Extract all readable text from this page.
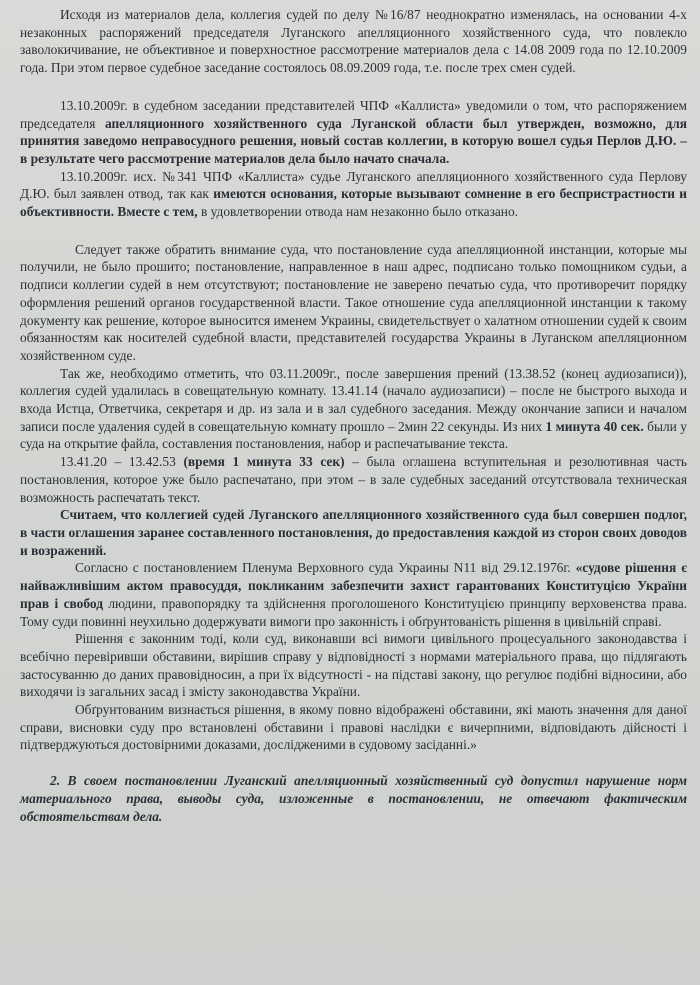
Исходя из материалов дела, коллегия судей по делу №16/87 неоднократно изменялась, на основании 4-х незаконных распоряжений председателя Луганского апелляционного хозяйственного суда, что повлекло заволокичивание, не объективное и поверхностное рассмотрение материалов дела с 14.08 2009 года по 12.10.2009 года. При этом первое судебное заседание состоялось 08.09.2009 года, т.е. после трех смен судей.

13.10.2009г. в судебном заседании представителей ЧПФ «Каллиста» уведомили о том, что распоряжением председателя апелляционного хозяйственного суда Луганской области был утвержден, возможно, для принятия заведомо неправосудного решения, новый состав коллегии, в которую вошел судья Перлов Д.Ю. – в результате чего рассмотрение материалов дела было начато сначала.

13.10.2009г. исх. №341 ЧПФ «Каллиста» судье Луганского апелляционного хозяйственного суда Перлову Д.Ю. был заявлен отвод, так как имеются основания, которые вызывают сомнение в его беспристрастности и объективности. Вместе с тем, в удовлетворении отвода нам незаконно было отказано.

Следует также обратить внимание суда, что постановление суда апелляционной инстанции, которые мы получили, не было прошито; постановление, направленное в наш адрес, подписано только помощником судьи, а подписи коллегии судей в нем отсутствуют; постановление не заверено печатью суда, что противоречит порядку оформления решений органов государственной власти. Такое отношение суда апелляционной инстанции к такому документу как решение, которое выносится именем Украины, свидетельствует о халатном отношении судей к своим обязанностям как носителей судебной власти, представителей государства Украины в Луганском апелляционном хозяйственном суде.

Так же, необходимо отметить, что 03.11.2009г., после завершения прений (13.38.52 (конец аудиозаписи)), коллегия судей удалилась в совещательную комнату. 13.41.14 (начало аудиозаписи) – после не быстрого выхода и входа Истца, Ответчика, секретаря и др. из зала и в зал судебного заседания. Между окончание записи и началом записи после удаления судей в совещательную комнату прошло – 2мин 22 секунды. Из них 1 минута 40 сек. были у суда на открытие файла, составления постановления, набор и распечатывание текста.

13.41.20 – 13.42.53 (время 1 минута 33 сек) – была оглашена вступительная и резолютивная часть постановления, которое уже было распечатано, при этом – в зале судебных заседаний отсутствовала техническая возможность распечатать текст.

Считаем, что коллегией судей Луганского апелляционного хозяйственного суда был совершен подлог, в части оглашения заранее составленного постановления, до предоставления каждой из сторон своих доводов и возражений.

Согласно с постановлением Пленума Верховного суда Украины N11 від 29.12.1976г. «судове рішення є найважливішим актом правосуддя, покликаним забезпечити захист гарантованих Конституцією України прав і свобод людини, правопорядку та здійснення проголошеного Конституцією принципу верховенства права. Тому суди повинні неухильно додержувати вимоги про законність і обґрунтованість рішення в цивільній справі.

Рішення є законним тоді, коли суд, виконавши всі вимоги цивільного процесуального законодавства і всебічно перевіривши обставини, вирішив справу у відповідності з нормами матеріального права, що підлягають застосуванню до даних правовідносин, а при їх відсутності - на підставі закону, що регулює подібні відносини, або виходячи із загальних засад і змісту законодавства України.

Обґрунтованим визнається рішення, в якому повно відображені обставини, які мають значення для даної справи, висновки суду про встановлені обставини і правові наслідки є вичерпними, відповідають дійсності і підтверджуються достовірними доказами, дослідженими в судовому засіданні.»

2. В своем постановлении Луганский апелляционный хозяйственный суд допустил нарушение норм материального права, выводы суда, изложенные в постановлении, не отвечают фактическим обстоятельствам дела.
